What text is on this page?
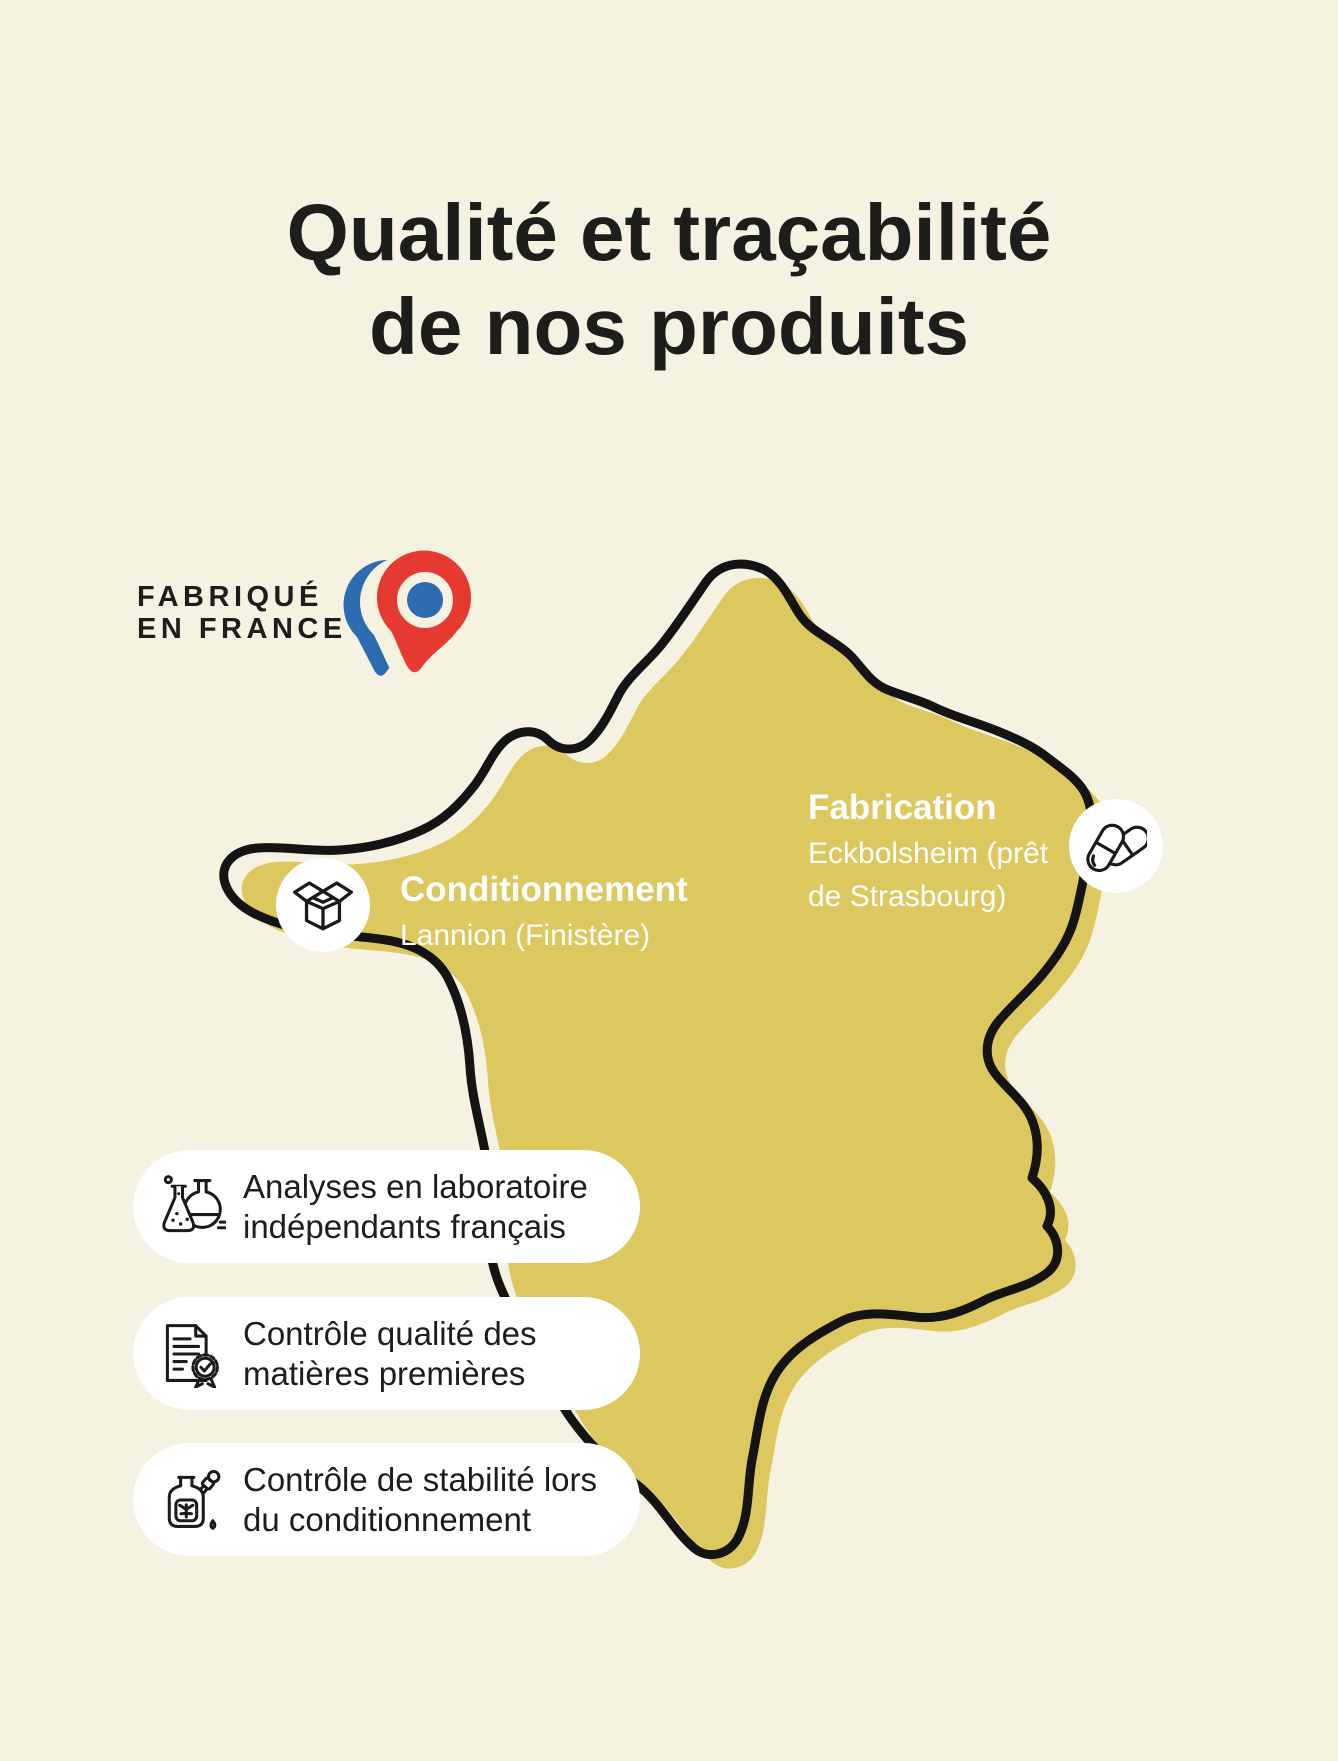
Qualité et traçabilité
de nos produits
FABRIQUÉ
EN FRANCE
Fabrication
Eckbolsheim (prêt
de Strasbourg)
Conditionnement
Lannion (Finistère)
Analyses en laboratoire
indépendants français
Contrôle qualité des
matières premières
Contrôle de stabilité lors
du conditionnement
